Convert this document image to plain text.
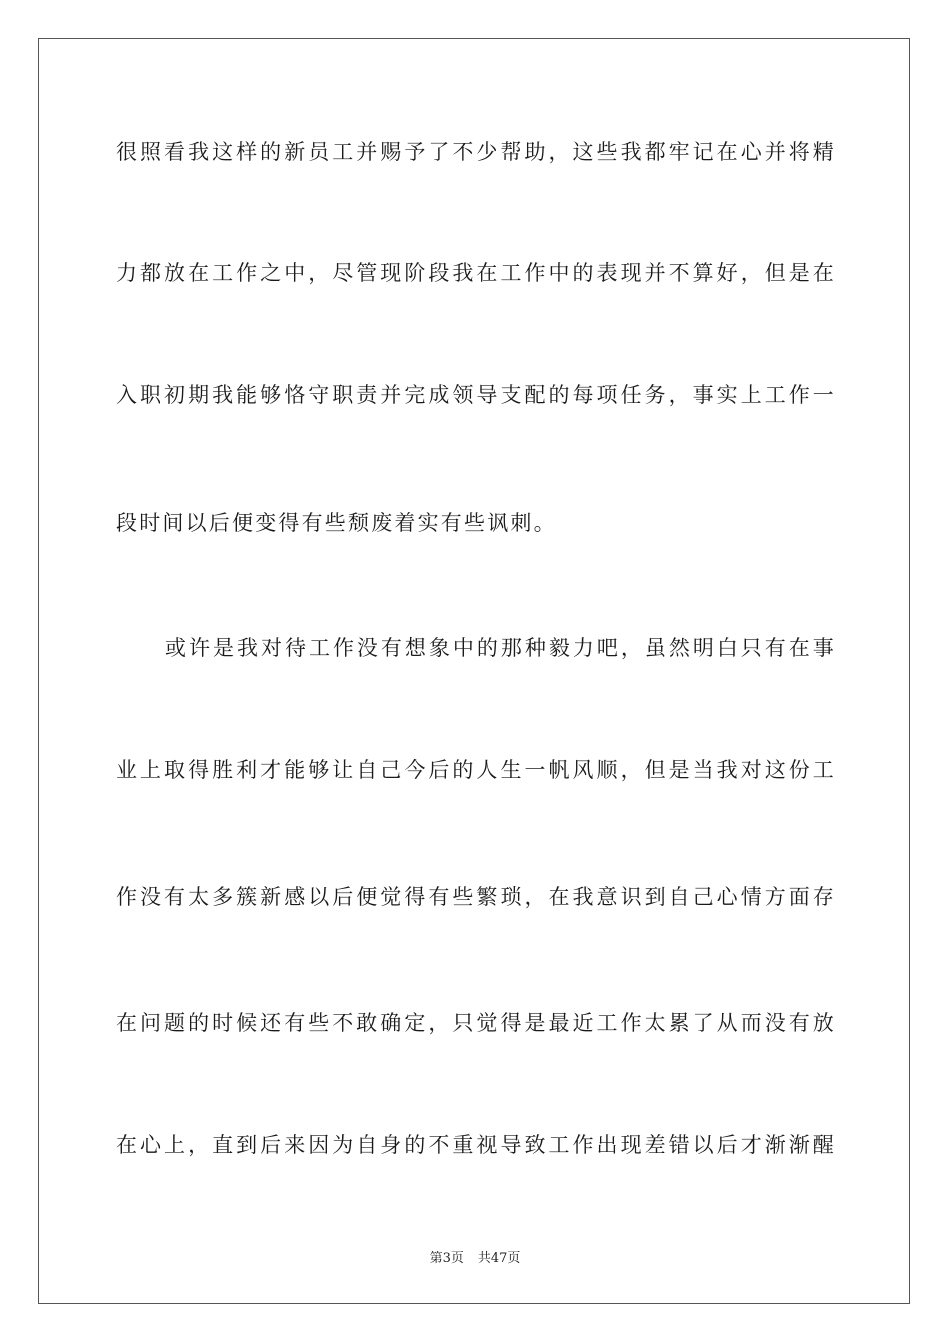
很照看我这样的新员工并赐予了不少帮助，这些我都牢记在心并将精
力都放在工作之中，尽管现阶段我在工作中的表现并不算好，但是在
入职初期我能够恪守职责并完成领导支配的每项任务，事实上工作一
段时间以后便变得有些颓废着实有些讽刺。
或许是我对待工作没有想象中的那种毅力吧，虽然明白只有在事
业上取得胜利才能够让自己今后的人生一帆风顺，但是当我对这份工
作没有太多簇新感以后便觉得有些繁琐，在我意识到自己心情方面存
在问题的时候还有些不敢确定，只觉得是最近工作太累了从而没有放
在心上，直到后来因为自身的不重视导致工作出现差错以后才渐渐醒
第3页 共47页
